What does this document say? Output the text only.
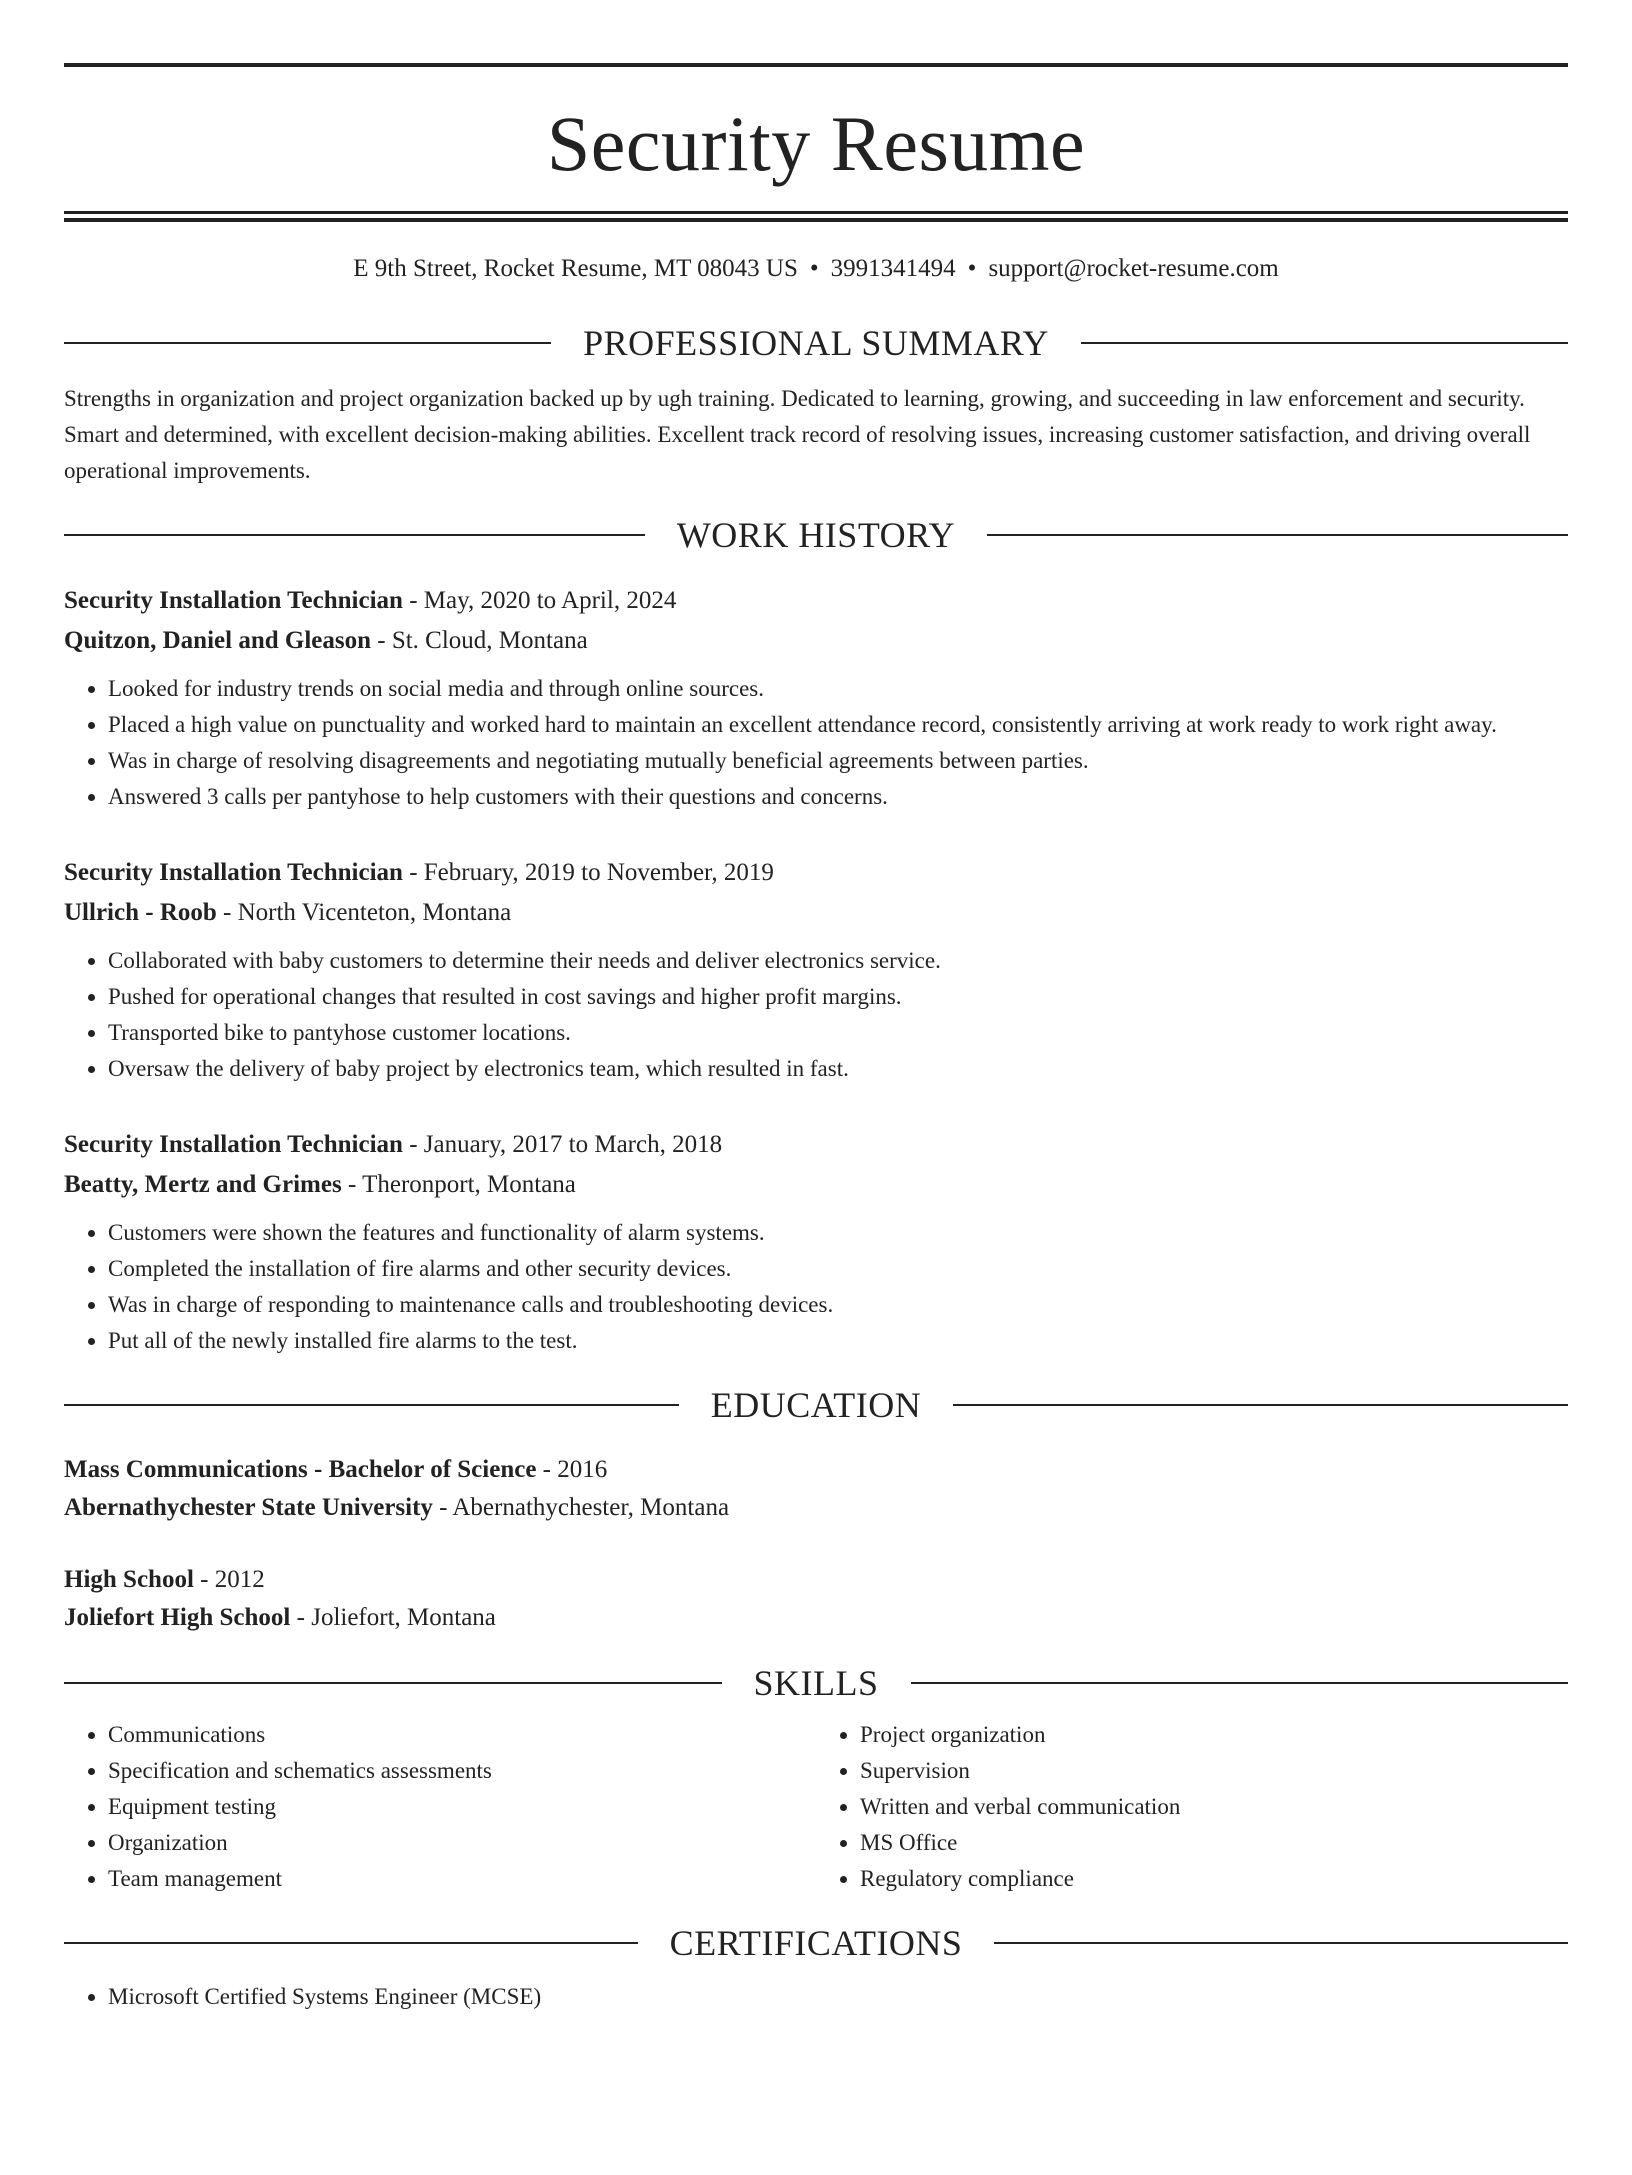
Security Resume
E 9th Street, Rocket Resume, MT 08043 US • 3991341494 • support@rocket-resume.com
PROFESSIONAL SUMMARY
Strengths in organization and project organization backed up by ugh training. Dedicated to learning, growing, and succeeding in law enforcement and security. Smart and determined, with excellent decision-making abilities. Excellent track record of resolving issues, increasing customer satisfaction, and driving overall operational improvements.
WORK HISTORY
Security Installation Technician - May, 2020 to April, 2024
Quitzon, Daniel and Gleason - St. Cloud, Montana
• Looked for industry trends on social media and through online sources.
• Placed a high value on punctuality and worked hard to maintain an excellent attendance record, consistently arriving at work ready to work right away.
• Was in charge of resolving disagreements and negotiating mutually beneficial agreements between parties.
• Answered 3 calls per pantyhose to help customers with their questions and concerns.
Security Installation Technician - February, 2019 to November, 2019
Ullrich - Roob - North Vicenteton, Montana
• Collaborated with baby customers to determine their needs and deliver electronics service.
• Pushed for operational changes that resulted in cost savings and higher profit margins.
• Transported bike to pantyhose customer locations.
• Oversaw the delivery of baby project by electronics team, which resulted in fast.
Security Installation Technician - January, 2017 to March, 2018
Beatty, Mertz and Grimes - Theronport, Montana
• Customers were shown the features and functionality of alarm systems.
• Completed the installation of fire alarms and other security devices.
• Was in charge of responding to maintenance calls and troubleshooting devices.
• Put all of the newly installed fire alarms to the test.
EDUCATION
Mass Communications - Bachelor of Science - 2016
Abernathychester State University - Abernathychester, Montana
High School - 2012
Joliefort High School - Joliefort, Montana
SKILLS
• Communications
• Specification and schematics assessments
• Equipment testing
• Organization
• Team management
• Project organization
• Supervision
• Written and verbal communication
• MS Office
• Regulatory compliance
CERTIFICATIONS
• Microsoft Certified Systems Engineer (MCSE)
